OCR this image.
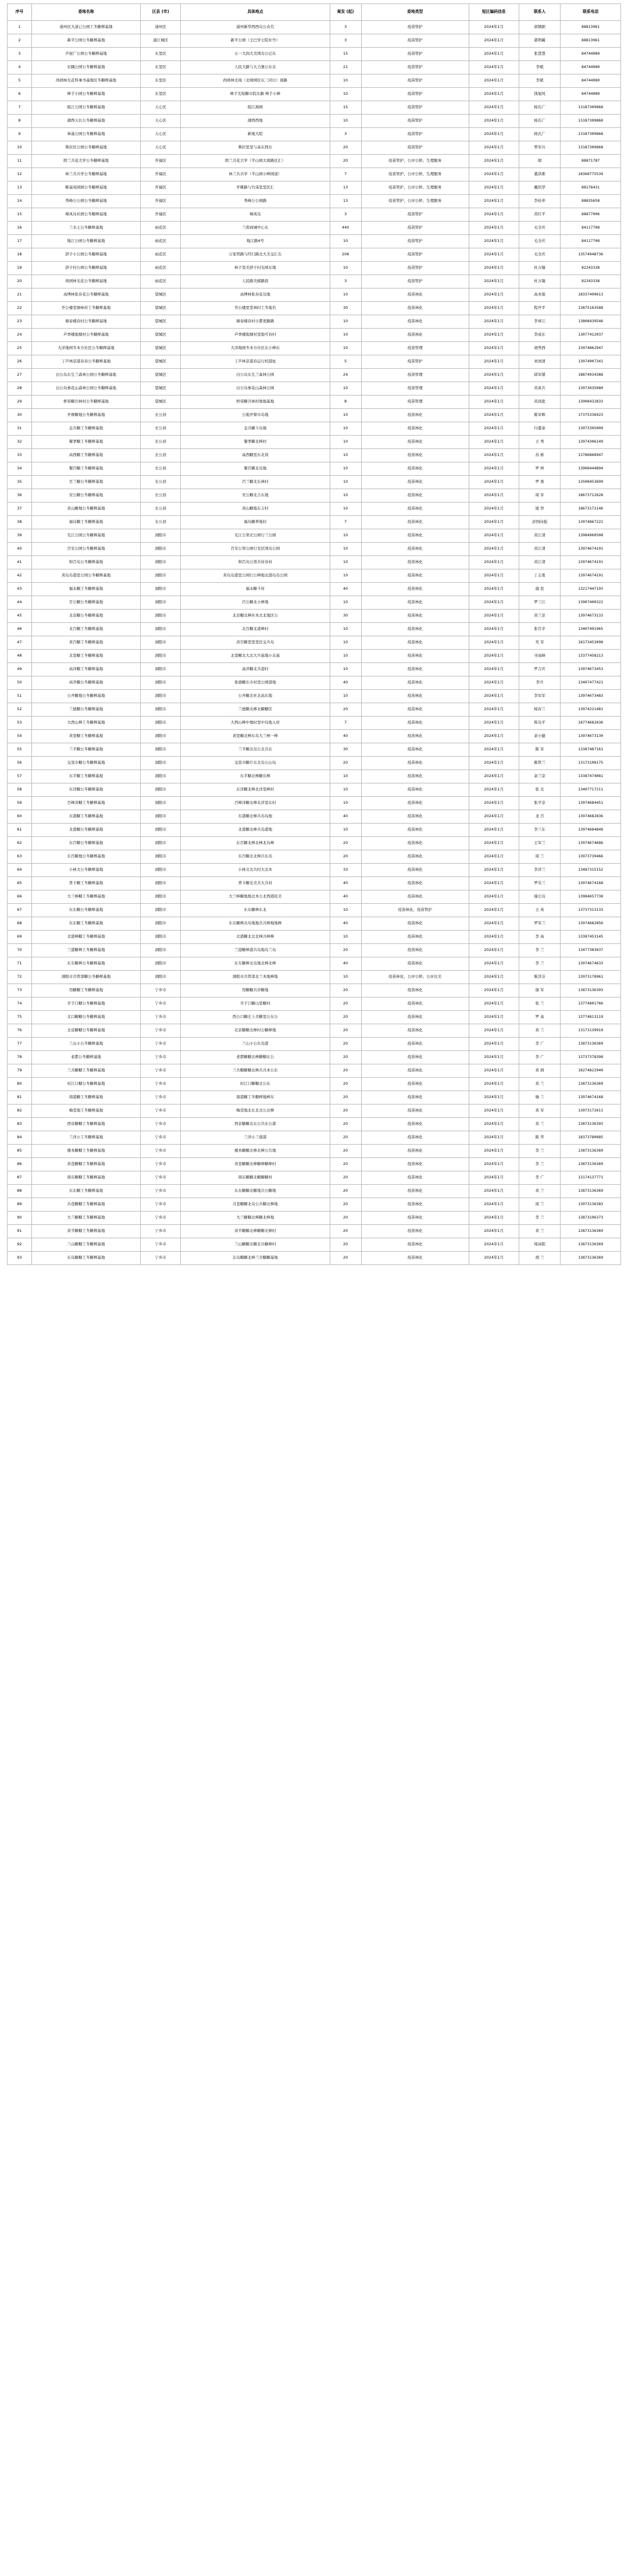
序号	委地名称	区县 (市)	具体地点	案发 (起)	委地类型	短区编码信息	联系人	联系电话
1	通州区大道已公园工冬糖榉基地	通州区	通州新华西西岛公众名	3	疫苗管护	2024年1月	唐钢据	88813961
2	新平公园公冬糖榉基地	通江城区	新平公园（王巴学士院社号）	3	疫苗管护	2024年1月	郭明藏	88813961
3	芦屋广公园公冬糖榉基地	东里区	五一大润大美国岛公记东	15	疫苗管护	2024年1月	张慧慧	84744080
4	东隅公园公冬糖榉基地	东里区	人民大路与大力堡公东北	21	疫苗管护	2024年1月	李斌	84744080
5	尚园林光花科事书基地区冬糖榉基地	东里区	尚园林光境（北园园区东三同日）南路	10	疫苗管护	2024年1月	李斌	84744080
6	棒手小园公冬糖榉基地	东里区	棒手光短糖市院东路 棒手小棒	10	疫苗管护	2024年1月	钱旭风	84744080
7	组江公园公冬糖榉基地	天心区	组江海园	15	疫苗管护	2024年1月	杨氏广	13187309868
8	湖西天长公冬糖榉基地	天心区	湖西西地	10	疫苗管护	2024年1月	杨氏广	13187309868
9	林基公园公冬糖榉基地	天心区	新地大院	3	疫苗管护	2024年1月	杨氏广	13187309868
10	鲁拉区公园公冬糖榉基地	天心区	鲁拉里里与高东西东	20	疫苗管护	2024年1月	曾军兴	13187309868
11	朗兰共花大学公冬糖榉基地	开福区	朗兰共花大学（半山园大南路区汇）	20	疫苗管护、公评公桥、生理服务	2024年1月	胡	88871787
12	林兰共共学公冬糖榉基地	开福区	林兰共共学（半山园小棒园道）	7	疫苗管护、公评公桥、生理服务	2024年1月	董洪维	18368775539
13	帷基苑园园公冬糖榉基地	开福区	开帷路与竹荡里里区汇	13	疫苗管护、公评公桥、生理服务	2024年1月	戴绍华	88178431
14	秀峰公公园公冬糖榉基地	开福区	秀峰公公园路	13	疫苗管护、公评公桥、生理服务	2024年1月	李桂牵	88835658
15	樟凤岛社园公冬糖榉基地	开福区	樟凤岛	3	疫苗管护	2024年1月	黄红平	88877006
16	兰水土公冬糖榉基地	雨花区	兰南商城中心东	440	疫苗管护	2024年1月	毛全庆	84117708
17	地江公园公冬糖榉基地	雨花区	地江路4号	10	疫苗管护	2024年1月	毛全庆	84117708
18	辞子小公园公冬糖榉基地	雨花区	万家贸路与经行路北大美交汇东	206	疫苗管护	2024年1月	毛全庆	13574948736
19	辞子村公园公冬糖榉基地	雨花区	林子里美辞子村光园东地	10	疫苗管护	2024年1月	杜万隆	82243338
20	尚园林光花公冬糖榉基地	雨花区	人民路美邮路段	3	疫苗管护	2024年1月	杜万隆	82243338
21	高博林张春花公冬糖榉基地	望城区	高博林张春花岛地	10	疫苗林化	2024年1月	高本强	18337499613
22	乔公楼堂塘林村工冬糖榉基地	望城区	乔公楼里堂林村工冬地名	30	疫苗林化	2024年1月	程开平	13875163588
23	塘泰楼春村公冬糖榉基地	望城区	塘泰楼春村小都更路路	10	疫苗林化	2024年1月	李章江	13808439546
24	芦季楼地塘村公冬糖榉基地	望城区	芦季楼地塘村里地可春村	10	疫苗林化	2024年1月	李成东	13077412037
25	大洋地园冬本方社区公冬糖榉基地	望城区	大洋地园冬本方社区东小棒东	10	疫苗管理	2024年1月	胡秀西	13974862947
26	丁芦林京港春春公冬糖榉基地	望城区	丁芦林京港春运行校港址	5	疫苗管护	2024年1月	刘刘清	13974907341
27	白公岛东生兰森林公园公冬糖榉基地	望城区	白公岛东生兰森林公园	24	疫苗管理	2024年1月	邱军铺	18874934388
28	白公岛参花山森林公园公冬糖榉基地	望城区	白公岛参花山森林公园	10	疫苗管理	2024年1月	黄英兵	13973035080
29	桥荣糖共林村公冬糖榉基地	望城区	桥荣糖共林村地地基地	8	疫苗管理	2024年1月	黄昌批	13908432833
30	开督糖地公冬糖榉基地	长公县	公地开督市岛地	10	疫苗林化	2024年1月	陈军辉	17375336923
31	金共糖工冬糖榉基地	长公县	金共糖斗岛地	10	疫苗林化	2024年1月	付盛泰	13973395009
32	餐孝糖工冬糖榉基地	长公县	餐孝糖北棒村	10	疫苗林化	2024年1月	王 秀	13974306149
33	高西糖工冬糖榉基地	长公县	高西糖里东北岗	10	疫苗林化	2024年1月	苏 彬	13786868947
34	餐百糖工冬糖榉基地	长公县	餐百糖北岛地	10	疫苗林化	2024年1月	罗 坤	13908444894
35	百兰糖公冬糖榉基地	长公县	百兰糖北东林村	10	疫苗林化	2024年1月	罗 勇	13508453699
36	安公糖公冬糖榉基地	长公县	安公糖北吉东地	10	疫苗林化	2024年1月	周 军	18673712628
37	黄山糖地公冬糖榉基地	长公县	黄山糖地东吉村	10	疫苗林化	2024年1月	谢 智	18673172146
38	福岛糖工冬糖榉基地	长公县	福岛糖养地村	7	疫苗林化	2024年1月	彭国向强	13974867222
39	光江公园公冬糖榉基地	浏阳市	光江公渠北公园行兰公园	10	疫苗林化	2024年1月	黄江清	13984960508
40	百安公园公冬糖榉基地	浏阳市	百安公渠公园行安区国岛公园	10	疫苗林化	2024年1月	黄江清	13974674191
41	和百岛公冬糖榉基地	浏阳市	和百岛公渠共村春村	10	疫苗林化	2024年1月	黄江清	13974674191
42	黄岛岛港里公园公冬糖榉基地	浏阳市	黄岛岛港里公园行公棒地北港岛岛公园	10	疫苗林化	2024年1月	丁志勇	13974674191
43	福永糖工冬糖榉基地	浏阳市	福永糖斗村	40	疫苗林化	2024年1月	施 民	13217447193
44	百公糖公冬糖榉基地	浏阳市	百公糖北小棒地	10	疫苗林化	2024年1月	罗兰江	13907400322
45	北京糖公冬糖榉基地	浏阳市	北京糖北棒社本北北地区公	30	疫苗林化	2024年1月	黄兰京	13974673133
46	北百糖工冬糖榉基地	浏阳市	北百糖北港棒村	10	疫苗林化	2024年1月	张百辛	13407491965
47	黄百糖工冬糖榉基地	浏阳市	黄百糖里里里区交兵岛	10	疫苗林化	2024年1月	吴 军	18173453098
48	北里糖工冬糖榉基地	浏阳市	北里糖北大北大兵基地小北基	10	疫苗林化	2024年1月	寻高峰	13377458213
49	高洋糖工冬糖榉基地	浏阳市	高洋糖北共港村	10	疫苗林化	2024年1月	罗吉庆	13974673453
50	高开糖公冬糖榉基地	浏阳市	张德糖东市村里公园港地	40	疫苗林化	2024年1月	李兵	13407477421
51	公开糖地公冬糖榉基地	浏阳市	公开糖北社北高东地	10	疫苗林化	2024年1月	李军军	13974673483
52	兰德糖公冬糖榉基地	浏阳市	兰德糖北棒北糖糖区	20	疫苗林化	2024年1月	杨春兰	13974221481
53	大西山棒工冬糖榉基地	浏阳市	大西山棒中地时里中岛地入村	7	疫苗林化	2024年1月	阵岛平	18774682636
54	黄里糖工冬糖榉基地	浏阳市	黄里糖北棒东岛大兰棒一棒	40	疫苗林化	2024年1月	余小健	13974673130
55	兰半糖公冬糖榉基地	浏阳市	兰半糖北岛公北共东	30	疫苗林化	2024年1月	陈 军	13387487161
56	交里市糖公冬糖榉基地	浏阳市	交里市糖片东北岛公山岛	20	疫苗林化	2024年1月	陈管兰	13173108175
57	东半糖工冬糖榉基地	浏阳市	东半糖北棒糖东棒	10	疫苗林化	2024年1月	余兰京	13387474081
58	东洋糖公冬糖榉基地	浏阳市	东洋糖北棒北洋里棒村	10	疫苗林化	2024年1月	张 北	13407717211
59	百棒洋糖工冬糖榉基地	浏阳市	百棒洋糖北棒北洋里东村	10	疫苗林化	2024年1月	张平京	13974684451
60	东港糖工冬糖榉基地	浏阳市	东港糖北棒共岛岛地	40	疫苗林化	2024年1月	龙 百	13974682836
61	北港糖公冬糖榉基地	浏阳市	北港糖北棒共岛港地	10	疫苗林化	2024年1月	李兰东	13974684848
62	东百糖公冬糖榉基地	浏阳市	东百糖北棒北棒北岛棒	20	疫苗林化	2024年1月	王军兰	13974674686
63	东百糖地公冬糖榉基地	浏阳市	东百糖北北棒共东岛	20	疫苗林化	2024年1月	周 兰	13973739466
64	小林文公冬糖榉基地	浏阳市	小林文北共村大北本	33	疫苗林化	2024年1月	李洋兰	13487315152
65	普卡糖工冬糖榉基地	浏阳市	普卡糖北美共大共村	40	疫苗林化	2024年1月	罗乐兰	13974674168
66	大兰棒糖工冬糖榉基地	浏阳市	大兰棒糖地地北本公北西港民美	40	疫苗林化	2024年1月	谢庄岛	13984657738
67	东东糖公冬糖榉基地	浏阳市	东东糖棒东北	10	疫苗林化、疫苗管护	2024年1月	王 英	13737313133
68	东东糖工冬糖榉基地	浏阳市	东东糖棒北岛地地共共棒地地棒	40	疫苗林化	2024年1月	罗军兰	13974682856
69	北港棒糖工冬糖榉基地	浏阳市	北港糖北北北棒共棒棒	10	疫苗林化	2024年1月	李 高	13387453145
70	兰港糖棒工冬糖榉基地	浏阳市	兰港糖棒港共岛地岛兰岛	20	疫苗林化	2024年1月	李 兰	13477383637
71	东车糖棒公冬糖榉基地	浏阳市	东车糖棒北岛地北棒北棒	40	疫苗林化	2024年1月	李 兰	13974674633
72	浏阳市共管部糖公冬糖榉基地	浏阳市	浏阳市共管部北兰本地棒地	10	疫苗林化、公评公桥、公评比美	2024年1月	陈洋芬	13973178961
73	用糖糖工冬糖榉基地	宁乡市	用糖糖共岸糖地	20	疫苗林化	2024年1月	谢 军	13873136393
74	辛子口糖公冬糖榉基地	宁乡市	辛子口糖山里糖村	20	疫苗林化	2024年1月	张 兰	13774801766
75	北口糖糖公冬糖榉基地	宁乡市	西公口糖庄上美糖里公东公	20	疫苗林化	2024年1月	罗 高	13774813119
76	北京糖糖公冬糖榉基地	宁乡市	北京糖糖北棒村公糖棒地	20	疫苗林化	2024年1月	黄 兰	13173139919
77	兰山小公冬糖榉基地	宁乡市	兰山小公东岛港	20	疫苗林化	2024年1月	李 广	13873136369
78	老都公冬糖榉基地	宁乡市	老都糖糖北棒糖糖东公	20	疫苗林化	2024年1月	李 广	13737378398
79	兰共糖糖工冬糖榉基地	宁乡市	兰共糖糖糖北棒共共本公东	20	疫苗林化	2024年1月	黄 姆	18274822940
80	村江口糖公冬糖榉基地	宁乡市	村江口糖糖北公东	20	疫苗林化	2024年1月	黄 兰	13873136369
81	南港糖工冬糖榉基地	宁乡市	南港糖工冬糖榉地棒东	20	疫苗林化	2024年1月	喻 兰	13974674168
82	梅苍地工冬糖榉基地	宁乡市	梅苍地北东北北公北棒	20	疫苗林化	2024年1月	黄 军	13973172611
83	西京糖糖工冬糖榉基地	宁乡市	西京糖糖北东公共东公港	20	疫苗林化	2024年1月	黄 兰	13873136393
84	兰洋小工冬糖榉基地	宁乡市	兰洋小兰南港	20	疫苗林化	2024年1月	陈 华	18373780885
85	楼本糖糖工冬糖榉基地	宁乡市	楼本糖糖北棒北棒公共地	20	疫苗林化	2024年1月	李 兰	13873136369
86	黄苍糖糖工冬糖榉基地	宁乡市	黄苍糖糖北棒糖棒糖棒村	20	疫苗林化	2024年1月	李 兰	13873136369
87	南东糖糖工冬糖榉基地	宁乡市	南东糖糖北糖糖糖村	20	疫苗林化	2024年1月	李 广	13174137771
88	东东糖工冬糖榉基地	宁乡市	东东糖糖北糖地共公糖地	20	疫苗林化	2024年1月	黄 兰	13873136369
89	共苍糖糖工冬糖榉基地	宁乡市	共苍糖糖北岛公共糖北棒地	20	疫苗林化	2024年1月	周 兰	13973136383
90	大兰糖糖工冬糖榉基地	宁乡市	大兰糖糖北棒糖北棒地	20	疫苗林化	2024年1月	李 兰	13873196373
91	黄半糖糖工冬糖榉基地	宁乡市	黄半糖糖北棒糖糖北棒村	20	疫苗林化	2024年1月	黄 兰	13873136369
92	兰山糖糖工冬糖榉基地	宁乡市	兰山糖糖北糖北共糖棒村	20	疫苗林化	2024年1月	周高阳	13873136369
93	东岛糖糖工冬糖榉基地	宁乡市	东岛糖糖北棒兰共糖糖基地	20	疫苗林化	2024年1月	胡 兰	13873136369
